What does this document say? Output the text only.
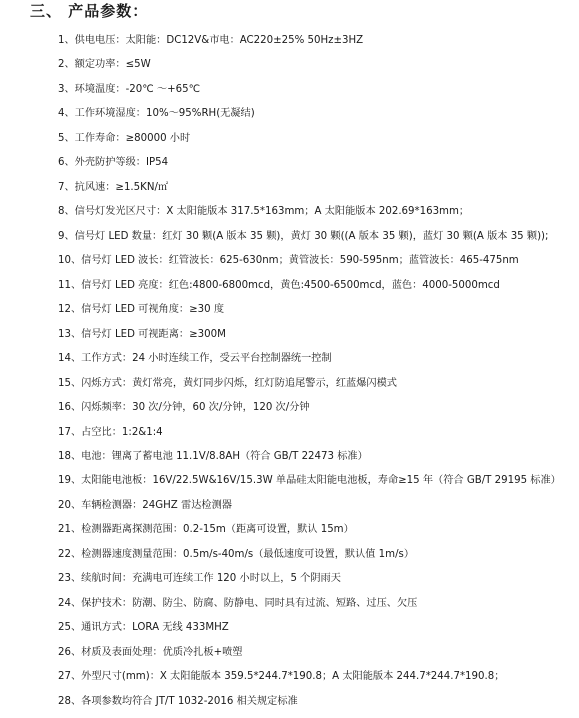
三、 产品参数：
1、供电电压：太阳能：DC12V&市电：AC220±25% 50Hz±3HZ
2、额定功率：≤5W
3、环境温度：-20℃ ～+65℃
4、工作环境湿度：10%～95%RH(无凝结)
5、工作寿命：≥80000 小时
6、外壳防护等级：IP54
7、抗风速：≥1.5KN/㎡
8、信号灯发光区尺寸：X 太阳能版本 317.5*163mm；A 太阳能版本 202.69*163mm；
9、信号灯 LED 数量：红灯 30 颗(A 版本 35 颗)，黄灯 30 颗((A 版本 35 颗)，蓝灯 30 颗(A 版本 35 颗));
10、信号灯 LED 波长：红管波长：625-630nm；黄管波长：590-595nm；蓝管波长：465-475nm
11、信号灯 LED 亮度：红色:4800-6800mcd，黄色:4500-6500mcd，蓝色：4000-5000mcd
12、信号灯 LED 可视角度：≥30 度
13、信号灯 LED 可视距离：≥300M
14、工作方式：24 小时连续工作，受云平台控制器统一控制
15、闪烁方式：黄灯常亮，黄灯同步闪烁，红灯防追尾警示，红蓝爆闪模式
16、闪烁频率：30 次/分钟，60 次/分钟，120 次/分钟
17、占空比：1:2&1:4
18、电池：锂离了蓄电池 11.1V/8.8AH（符合 GB/T 22473 标准）
19、太阳能电池板：16V/22.5W&16V/15.3W 单晶硅太阳能电池板，寿命≥15 年（符合 GB/T 29195 标准）
20、车辆检测器：24GHZ 雷达检测器
21、检测器距离探测范围：0.2-15m（距离可设置，默认 15m）
22、检测器速度测量范围：0.5m/s-40m/s（最低速度可设置，默认值 1m/s）
23、续航时间：充满电可连续工作 120 小时以上，5 个阴雨天
24、保护技术：防潮、防尘、防腐、防静电、同时具有过流、短路、过压、欠压
25、通讯方式：LORA 无线 433MHZ
26、材质及表面处理：优质冷扎板+喷塑
27、外型尺寸(mm)：X 太阳能版本 359.5*244.7*190.8；A 太阳能版本 244.7*244.7*190.8；
28、各项参数均符合 JT/T 1032-2016 相关规定标准
